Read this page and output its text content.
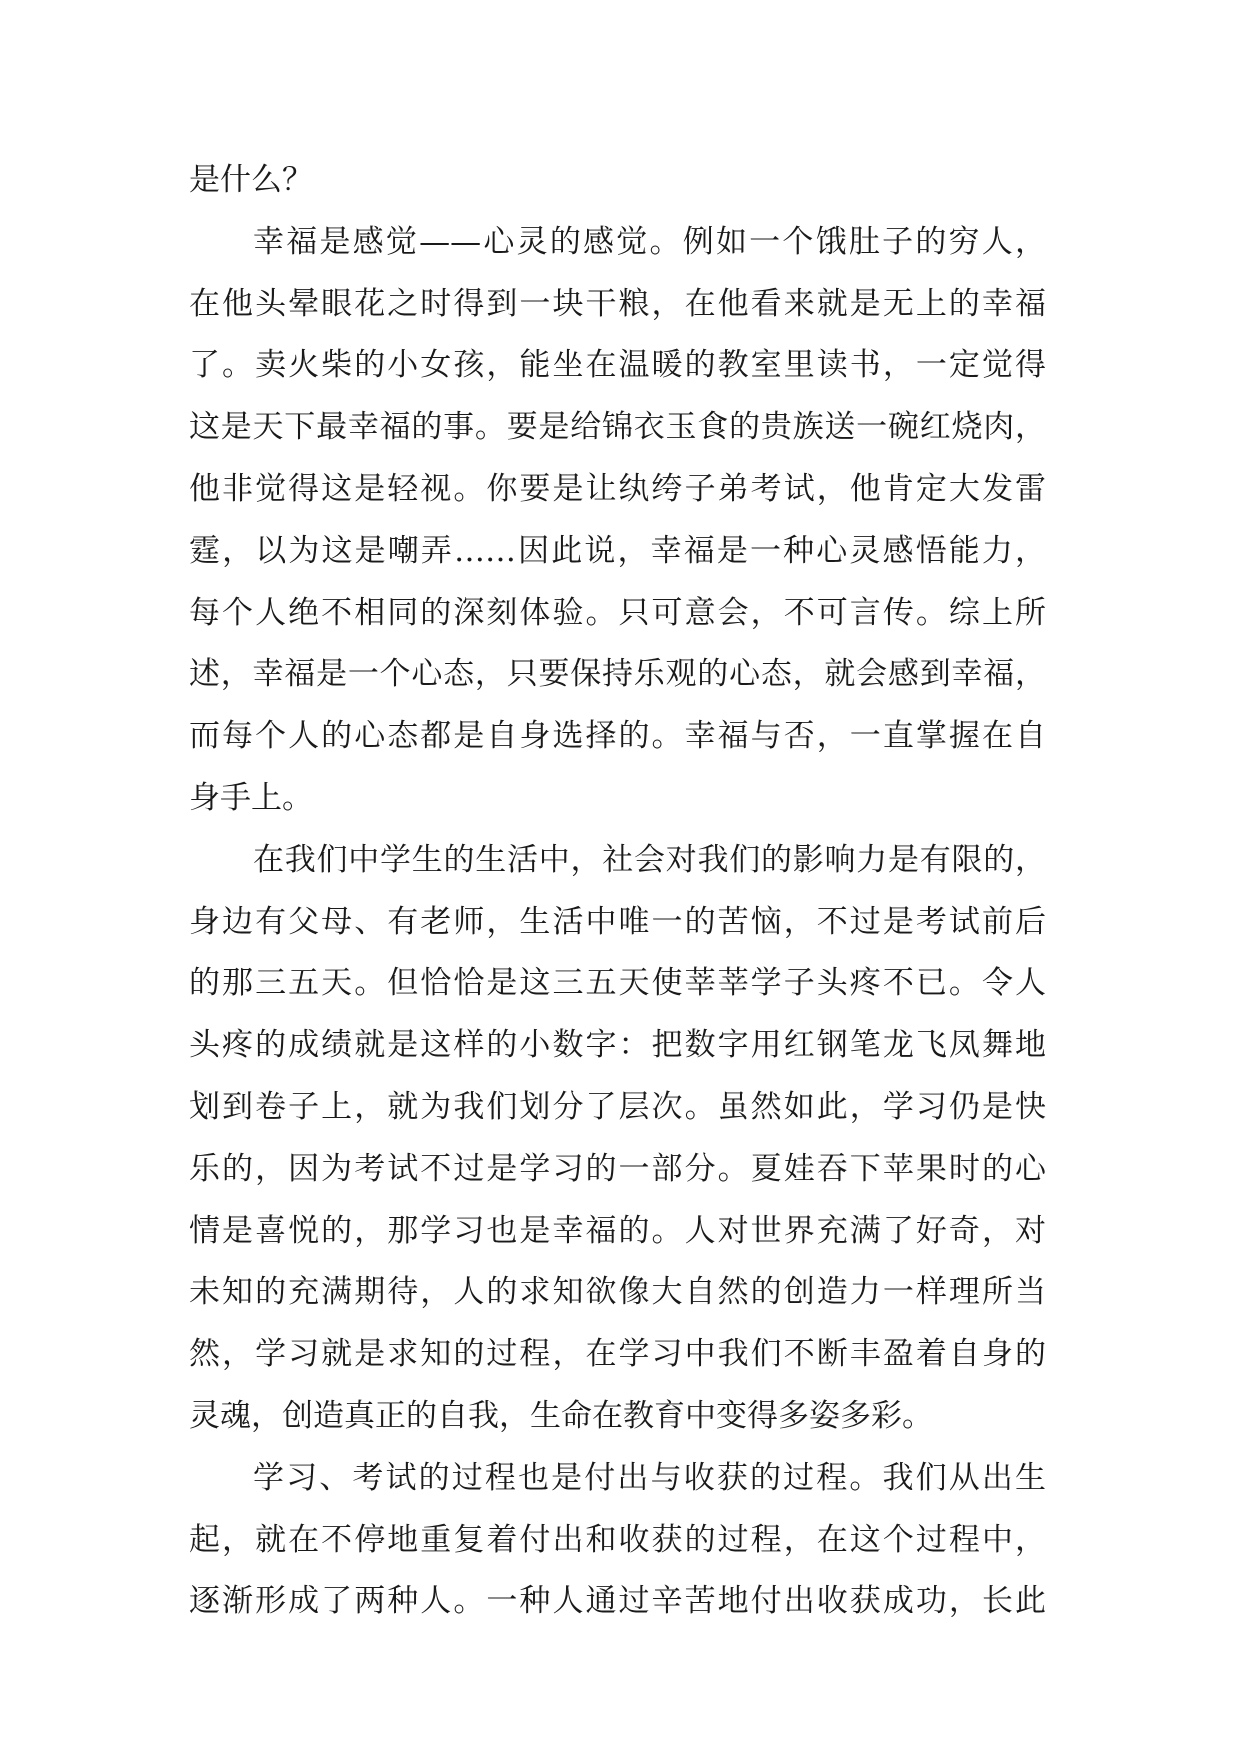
是什么？
幸福是感觉——心灵的感觉。例如一个饿肚子的穷人，
在他头晕眼花之时得到一块干粮，在他看来就是无上的幸福
了。卖火柴的小女孩，能坐在温暖的教室里读书，一定觉得
这是天下最幸福的事。要是给锦衣玉食的贵族送一碗红烧肉，
他非觉得这是轻视。你要是让纨绔子弟考试，他肯定大发雷
霆，以为这是嘲弄……因此说，幸福是一种心灵感悟能力，
每个人绝不相同的深刻体验。只可意会，不可言传。综上所
述，幸福是一个心态，只要保持乐观的心态，就会感到幸福，
而每个人的心态都是自身选择的。幸福与否，一直掌握在自
身手上。
在我们中学生的生活中，社会对我们的影响力是有限的，
身边有父母、有老师，生活中唯一的苦恼，不过是考试前后
的那三五天。但恰恰是这三五天使莘莘学子头疼不已。令人
头疼的成绩就是这样的小数字：把数字用红钢笔龙飞凤舞地
划到卷子上，就为我们划分了层次。虽然如此，学习仍是快
乐的，因为考试不过是学习的一部分。夏娃吞下苹果时的心
情是喜悦的，那学习也是幸福的。人对世界充满了好奇，对
未知的充满期待，人的求知欲像大自然的创造力一样理所当
然，学习就是求知的过程，在学习中我们不断丰盈着自身的
灵魂，创造真正的自我，生命在教育中变得多姿多彩。
学习、考试的过程也是付出与收获的过程。我们从出生
起，就在不停地重复着付出和收获的过程，在这个过程中，
逐渐形成了两种人。一种人通过辛苦地付出收获成功，长此
